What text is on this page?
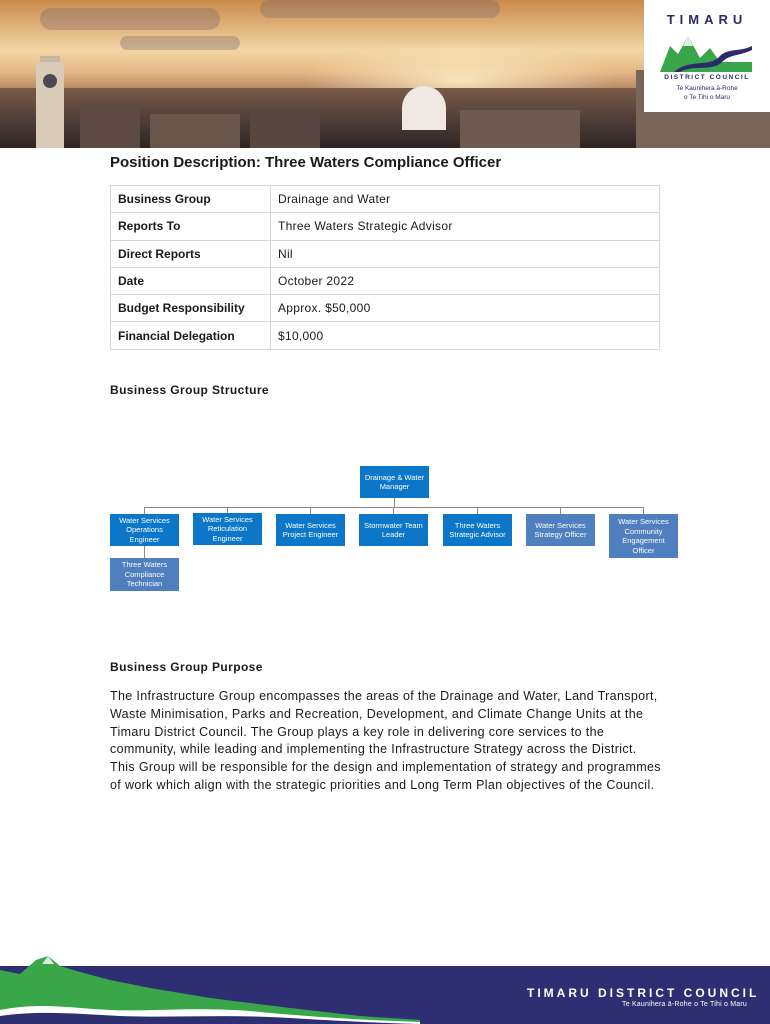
TIMARU
DISTRICT COUNCIL
Te Kaunihera ā-Rohe
o Te Tihi o Maru
Position Description: Three Waters Compliance Officer
Business Group	Drainage and Water
Reports To	Three Waters Strategic Advisor
Direct Reports	Nil
Date	October 2022
Budget Responsibility	Approx. $50,000
Financial Delegation	$10,000
Business Group Structure
Drainage & Water Manager
Water Services Operations Engineer
Water Services Reticulation Engineer
Water Services Project Engineer
Stormwater Team Leader
Three Waters Strategic Advisor
Water Services Strategy Officer
Water Services Community Engagement Officer
Three Waters Compliance Technician
Business Group Purpose

The Infrastructure Group encompasses the areas of the Drainage and Water, Land Transport, Waste Minimisation, Parks and Recreation, Development, and Climate Change Units at the Timaru District Council. The Group plays a key role in delivering core services to the community, while leading and implementing the Infrastructure Strategy across the District. This Group will be responsible for the design and implementation of strategy and programmes of work which align with the strategic priorities and Long Term Plan objectives of the Council.

TIMARU DISTRICT COUNCIL
Te Kaunihera ā-Rohe o Te Tihi o Maru
